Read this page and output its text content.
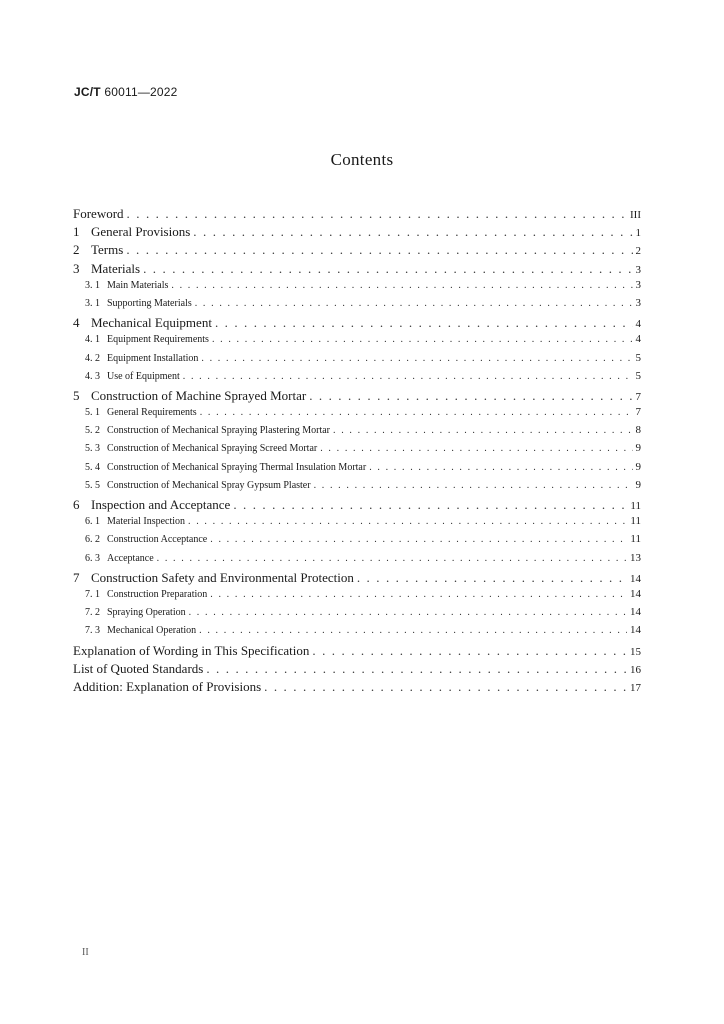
JC/T 60011—2022
Contents
Foreword . . .	III
1 General Provisions . . .	1
2 Terms . . .	2
3 Materials . . .	3
3. 1 Main Materials . . .	3
3. 1 Supporting Materials . . .	3
4 Mechanical Equipment . . .	4
4. 1 Equipment Requirements . . .	4
4. 2 Equipment Installation . . .	5
4. 3 Use of Equipment . . .	5
5 Construction of Machine Sprayed Mortar . . .	7
5. 1 General Requirements . . .	7
5. 2 Construction of Mechanical Spraying Plastering Mortar . . .	8
5. 3 Construction of Mechanical Spraying Screed Mortar . . .	9
5. 4 Construction of Mechanical Spraying Thermal Insulation Mortar . . .	9
5. 5 Construction of Mechanical Spray Gypsum Plaster . . .	9
6 Inspection and Acceptance . . .	11
6. 1 Material Inspection . . .	11
6. 2 Construction Acceptance . . .	11
6. 3 Acceptance . . .	13
7 Construction Safety and Environmental Protection . . .	14
7. 1 Construction Preparation . . .	14
7. 2 Spraying Operation . . .	14
7. 3 Mechanical Operation . . .	14
Explanation of Wording in This Specification . . .	15
List of Quoted Standards . . .	16
Addition: Explanation of Provisions . . .	17
II
